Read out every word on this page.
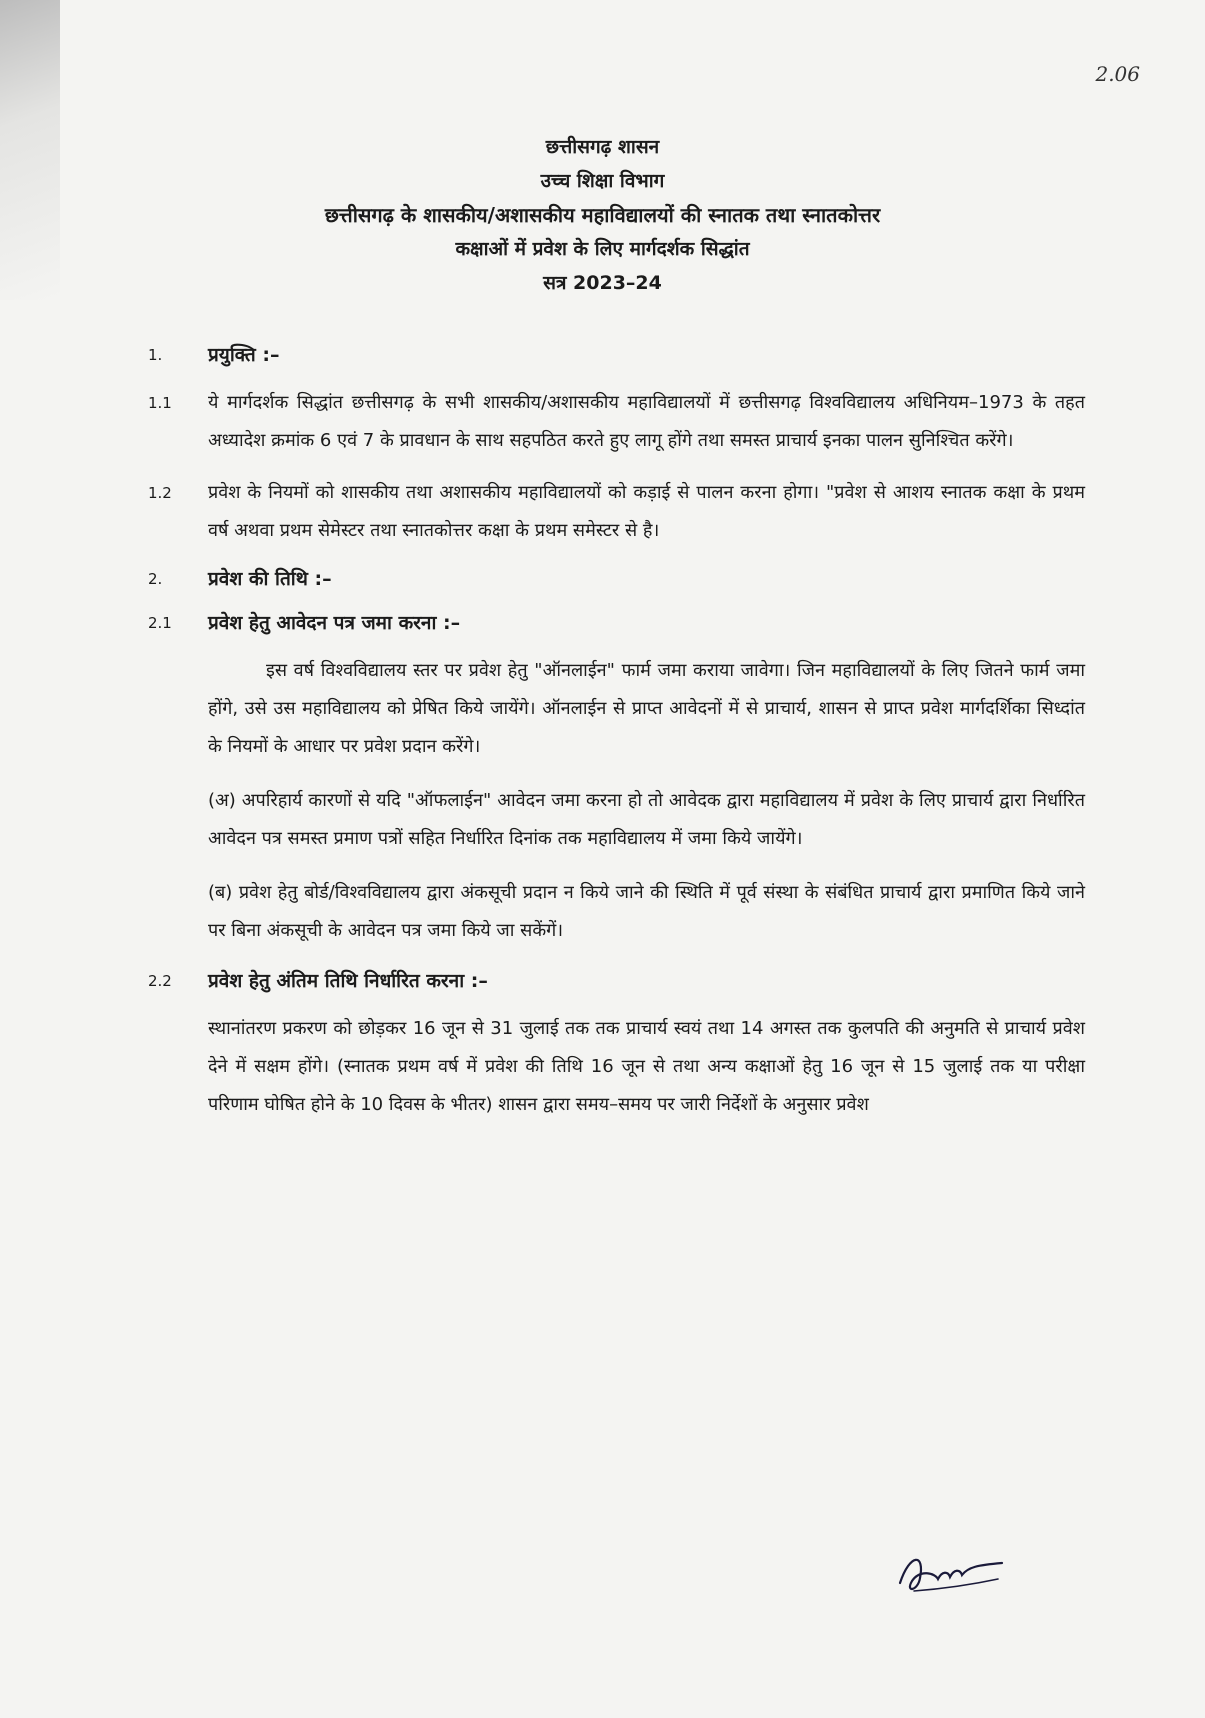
2.06
छत्तीसगढ़ शासन
उच्च शिक्षा विभाग
छत्तीसगढ़ के शासकीय/अशासकीय महाविद्यालयों की स्नातक तथा स्नातकोत्तर
कक्षाओं में प्रवेश के लिए मार्गदर्शक सिद्धांत
सत्र 2023–24
1. प्रयुक्ति :–
1.1 ये मार्गदर्शक सिद्धांत छत्तीसगढ़ के सभी शासकीय/अशासकीय महाविद्यालयों में छत्तीसगढ़ विश्वविद्यालय अधिनियम–1973 के तहत अध्यादेश क्रमांक 6 एवं 7 के प्रावधान के साथ सहपठित करते हुए लागू होंगे तथा समस्त प्राचार्य इनका पालन सुनिश्चित करेंगे।
1.2 प्रवेश के नियमों को शासकीय तथा अशासकीय महाविद्यालयों को कड़ाई से पालन करना होगा। "प्रवेश से आशय स्नातक कक्षा के प्रथम वर्ष अथवा प्रथम सेमेस्टर तथा स्नातकोत्तर कक्षा के प्रथम समेस्टर से है।
2. प्रवेश की तिथि :–
2.1 प्रवेश हेतु आवेदन पत्र जमा करना :–
इस वर्ष विश्वविद्यालय स्तर पर प्रवेश हेतु "ऑनलाईन" फार्म जमा कराया जावेगा। जिन महाविद्यालयों के लिए जितने फार्म जमा होंगे, उसे उस महाविद्यालय को प्रेषित किये जायेंगे। ऑनलाईन से प्राप्त आवेदनों में से प्राचार्य, शासन से प्राप्त प्रवेश मार्गदर्शिका सिध्दांत के नियमों के आधार पर प्रवेश प्रदान करेंगे।
(अ) अपरिहार्य कारणों से यदि "ऑफलाईन" आवेदन जमा करना हो तो आवेदक द्वारा महाविद्यालय में प्रवेश के लिए प्राचार्य द्वारा निर्धारित आवेदन पत्र समस्त प्रमाण पत्रों सहित निर्धारित दिनांक तक महाविद्यालय में जमा किये जायेंगे।
(ब) प्रवेश हेतु बोर्ड/विश्वविद्यालय द्वारा अंकसूची प्रदान न किये जाने की स्थिति में पूर्व संस्था के संबंधित प्राचार्य द्वारा प्रमाणित किये जाने पर बिना अंकसूची के आवेदन पत्र जमा किये जा सकेंगें।
2.2 प्रवेश हेतु अंतिम तिथि निर्धारित करना :–
स्थानांतरण प्रकरण को छोड़कर 16 जून से 31 जुलाई तक तक प्राचार्य स्वयं तथा 14 अगस्त तक कुलपति की अनुमति से प्राचार्य प्रवेश देने में सक्षम होंगे। (स्नातक प्रथम वर्ष में प्रवेश की तिथि 16 जून से तथा अन्य कक्षाओं हेतु 16 जून से 15 जुलाई तक या परीक्षा परिणाम घोषित होने के 10 दिवस के भीतर) शासन द्वारा समय–समय पर जारी निर्देशों के अनुसार प्रवेश
